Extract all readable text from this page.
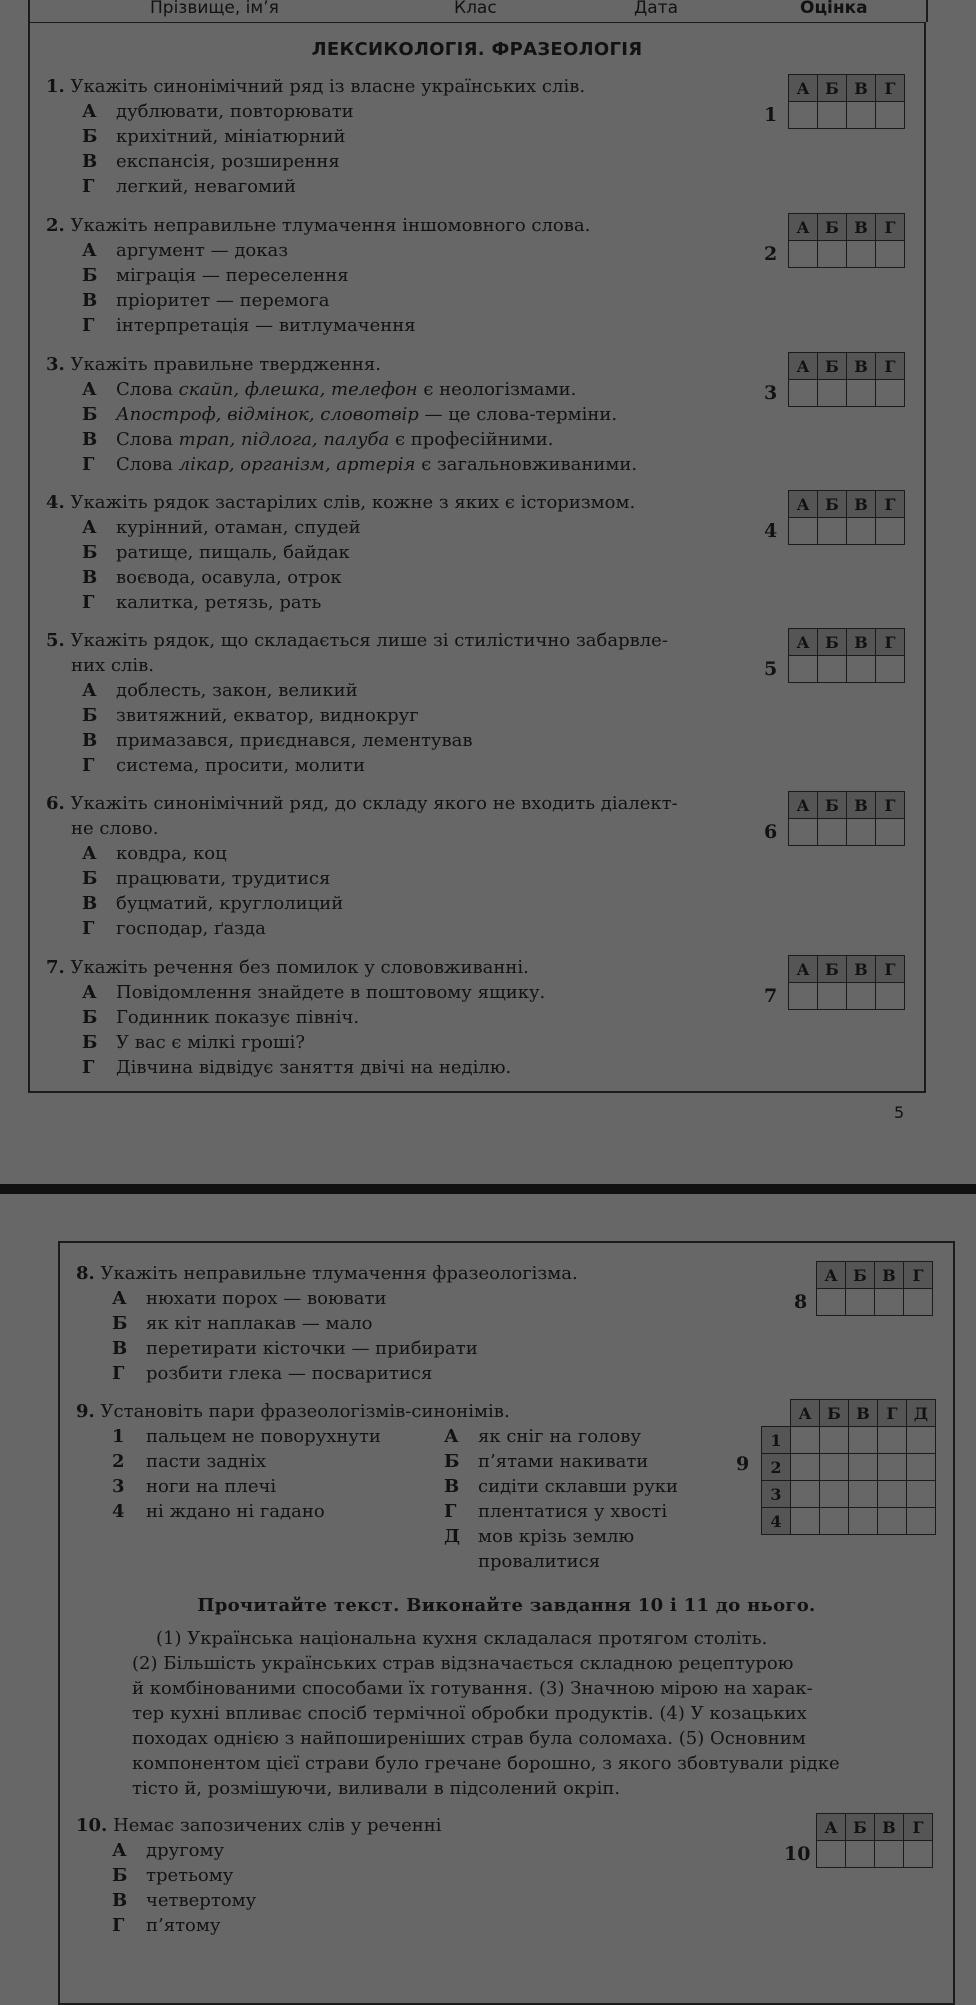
Прізвище, ім’я	Клас	Дата	Оцінка
ЛЕКСИКОЛОГІЯ. ФРАЗЕОЛОГІЯ
1. Укажіть синонімічний ряд із власне українських слів.
А дублювати, повторювати
Б крихітний, мініатюрний
В експансія, розширення
Г легкий, невагомий
1
А	Б	В	Г

2. Укажіть неправильне тлумачення іншомовного слова.
А аргумент — доказ
Б міграція — переселення
В пріоритет — перемога
Г інтерпретація — витлумачення
2
А	Б	В	Г

3. Укажіть правильне твердження.
А Слова скайп, флешка, телефон є неологізмами.
Б Апостроф, відмінок, словотвір — це слова-терміни.
В Слова трап, підлога, палуба є професійними.
Г Слова лікар, організм, артерія є загальновживаними.
3
А	Б	В	Г

4. Укажіть рядок застарілих слів, кожне з яких є історизмом.
А курінний, отаман, спудей
Б ратище, пищаль, байдак
В воєвода, осавула, отрок
Г калитка, ретязь, рать
4
А	Б	В	Г

5. Укажіть рядок, що складається лише зі стилістично забарвле-
них слів.
А доблесть, закон, великий
Б звитяжний, екватор, виднокруг
В примазався, приєднався, лементував
Г система, просити, молити
5
А	Б	В	Г

6. Укажіть синонімічний ряд, до складу якого не входить діалект-
не слово.
А ковдра, коц
Б працювати, трудитися
В буцматий, круглолиций
Г господар, ґазда
6
А	Б	В	Г

7. Укажіть речення без помилок у слововживанні.
А Повідомлення знайдете в поштовому ящику.
Б Годинник показує північ.
Б У вас є мілкі гроші?
Г Дівчина відвідує заняття двічі на неділю.
7
А	Б	В	Г

5
8. Укажіть неправильне тлумачення фразеологізма.
А нюхати порох — воювати
Б як кіт наплакав — мало
В перетирати кісточки — прибирати
Г розбити глека — посваритися
8
А	Б	В	Г

9. Установіть пари фразеологізмів-синонімів.
1 пальцем не поворухнути
2 пасти задніх
3 ноги на плечі
4 ні ждано ні гадано
А як сніг на голову
Б п’ятами накивати
В сидіти склавши руки
Г плентатися у хвості
Д мов крізь землю
провалитися
9
	А	Б	В	Г	Д
1					
2					
3					
4					
Прочитайте текст. Виконайте завдання 10 і 11 до нього.
(1) Українська національна кухня складалася протягом століть.
(2) Більшість українських страв відзначається складною рецептурою
й комбінованими способами їх готування. (3) Значною мірою на харак-
тер кухні впливає спосіб термічної обробки продуктів. (4) У козацьких
походах однією з найпоширеніших страв була соломаха. (5) Основним
компонентом цієї страви було гречане борошно, з якого збовтували рідке
тісто й, розмішуючи, виливали в підсолений окріп.
10. Немає запозичених слів у реченні
А другому
Б третьому
В четвертому
Г п’ятому
10
А	Б	В	Г
